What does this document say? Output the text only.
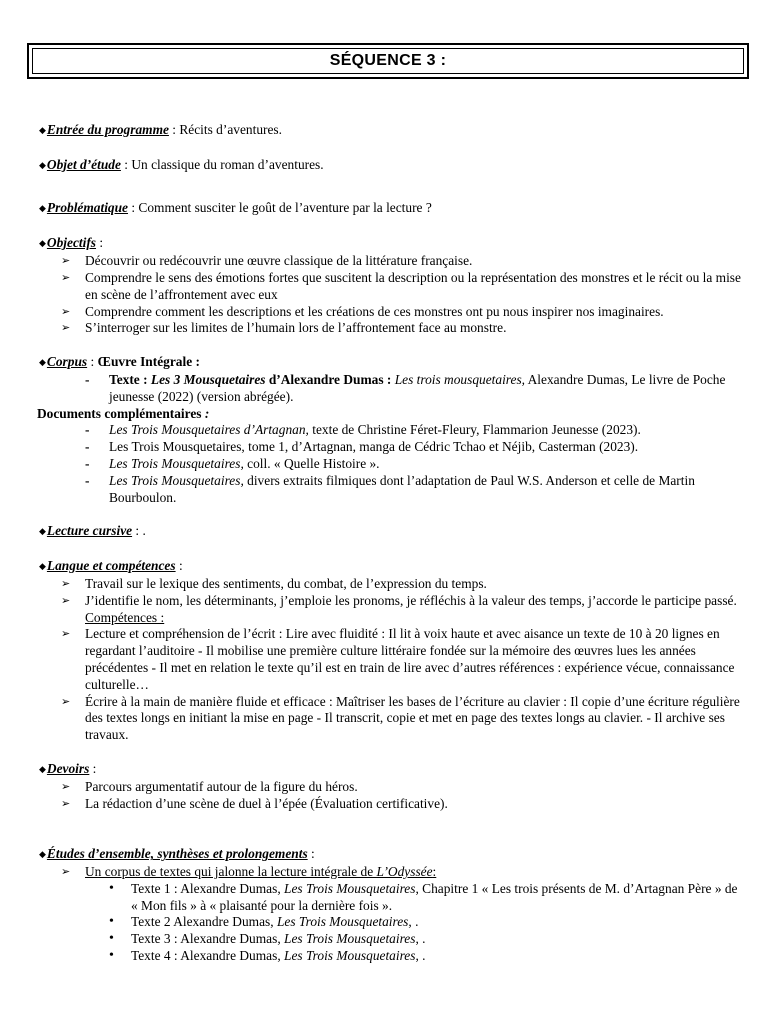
SÉQUENCE 3 :

◆Entrée du programme : Récits d’aventures.

◆Objet d’étude : Un classique du roman d’aventures.

◆Problématique : Comment susciter le goût de l’aventure par la lecture ?

◆Objectifs :

➢ Découvrir ou redécouvrir une œuvre classique de la littérature française.
➢ Comprendre le sens des émotions fortes que suscitent la description ou la représentation des monstres et le récit ou la mise en scène de l’affrontement avec eux
➢ Comprendre comment les descriptions et les créations de ces monstres ont pu nous inspirer nos imaginaires.
➢ S’interroger sur les limites de l’humain lors de l’affrontement face au monstre.

◆Corpus : Œuvre Intégrale :

- Texte : Les 3 Mousquetaires d’Alexandre Dumas : Les trois mousquetaires, Alexandre Dumas, Le livre de Poche jeunesse (2022) (version abrégée).

Documents complémentaires :

- Les Trois Mousquetaires d’Artagnan, texte de Christine Féret-Fleury, Flammarion Jeunesse (2023).
- Les Trois Mousquetaires, tome 1, d’Artagnan, manga de Cédric Tchao et Néjib, Casterman (2023).
- Les Trois Mousquetaires, coll. « Quelle Histoire ».
- Les Trois Mousquetaires, divers extraits filmiques dont l’adaptation de Paul W.S. Anderson et celle de Martin Bourboulon.

◆Lecture cursive : .

◆Langue et compétences :

➢ Travail sur le lexique des sentiments, du combat, de l’expression du temps.
➢ J’identifie le nom, les déterminants, j’emploie les pronoms, je réfléchis à la valeur des temps, j’accorde le participe passé.
Compétences :
➢ Lecture et compréhension de l’écrit : Lire avec fluidité : Il lit à voix haute et avec aisance un texte de 10 à 20 lignes en regardant l’auditoire - Il mobilise une première culture littéraire fondée sur la mémoire des œuvres lues les années précédentes - Il met en relation le texte qu’il est en train de lire avec d’autres références : expérience vécue, connaissance culturelle…
➢ Écrire à la main de manière fluide et efficace : Maîtriser les bases de l’écriture au clavier : Il copie d’une écriture régulière des textes longs en initiant la mise en page - Il transcrit, copie et met en page des textes longs au clavier. - Il archive ses travaux.

◆Devoirs :

➢ Parcours argumentatif autour de la figure du héros.
➢ La rédaction d’une scène de duel à l’épée (Évaluation certificative).

◆Études d’ensemble, synthèses et prolongements :

➢ Un corpus de textes qui jalonne la lecture intégrale de L’Odyssée:
• Texte 1 : Alexandre Dumas, Les Trois Mousquetaires, Chapitre 1 « Les trois présents de M. d’Artagnan Père » de « Mon fils » à « plaisanté pour la dernière fois ».
• Texte 2 Alexandre Dumas, Les Trois Mousquetaires, .
• Texte 3 : Alexandre Dumas, Les Trois Mousquetaires, .
• Texte 4 : Alexandre Dumas, Les Trois Mousquetaires, .
